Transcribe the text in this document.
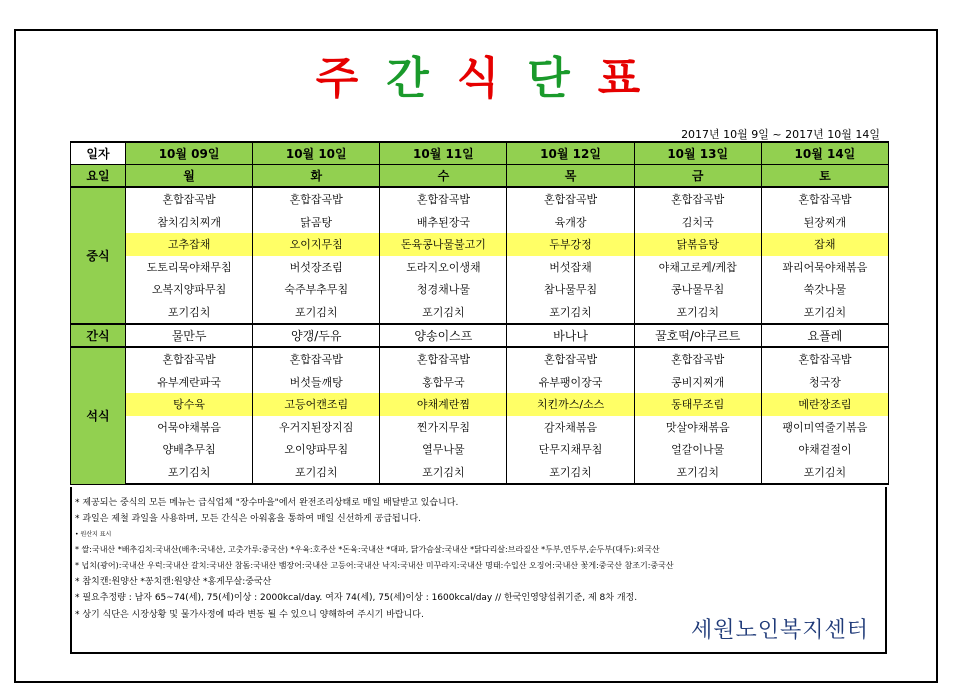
주 간 식 단 표
2017년 10월 9일 ~ 2017년 10월 14일
일자	10월 09일	10월 10일	10월 11일	10월 12일	10월 13일	10월 14일
요일	월	화	수	목	금	토
중식	혼합잡곡밥	혼합잡곡밥	혼합잡곡밥	혼합잡곡밥	혼합잡곡밥	혼합잡곡밥
	참치김치찌개	닭곰탕	배추된장국	육개장	김치국	된장찌개
	고추잡채	오이지무침	돈육콩나물불고기	두부강정	닭볶음탕	잡채
	도토리묵야채무침	버섯장조림	도라지오이생채	버섯잡채	야채고로케/케찹	꽈리어묵야채볶음
	오복지양파무침	숙주부추무침	청경채나물	참나물무침	콩나물무침	쑥갓나물
	포기김치	포기김치	포기김치	포기김치	포기김치	포기김치
간식	물만두	양갱/두유	양송이스프	바나나	꿀호떡/야쿠르트	요플레
석식	혼합잡곡밥	혼합잡곡밥	혼합잡곡밥	혼합잡곡밥	혼합잡곡밥	혼합잡곡밥
	유부계란파국	버섯들깨탕	홍합무국	유부팽이장국	콩비지찌개	청국장
	탕수육	고등어캔조림	야채계란찜	치킨까스/소스	동태무조림	메란장조림
	어묵야채볶음	우거지된장지짐	찐가지무침	감자채볶음	맛살야채볶음	팽이미역줄기볶음
	양배추무침	오이양파무침	열무나물	단무지채무침	얼갈이나물	야채겉절이
	포기김치	포기김치	포기김치	포기김치	포기김치	포기김치
* 제공되는 중식의 모든 메뉴는 급식업체 "장수마을"에서 완전조리상태로 매일 배달받고 있습니다.
* 과일은 제철 과일을 사용하며, 모든 간식은 아워홈을 통하여 매일 신선하게 공급됩니다.
• 원산지 표시
* 쌀:국내산 *배추김치:국내산(배추:국내산, 고춧가루:중국산) *우육:호주산 *돈육:국내산 *대파, 닭가슴살:국내산 *닭다리살:브라질산 *두부,연두부,순두부(대두):외국산
* 넙치(광어):국내산 우럭:국내산 갈치:국내산 참돔:국내산 뱀장어:국내산 고등어:국내산 낙지:국내산 미꾸라지:국내산 명태:수입산 오징어:국내산 꽃게:중국산 참조기:중국산
* 참치캔:원양산 *꽁치캔:원양산 *홍게무살:중국산
* 필요추정량 : 남자 65~74(세), 75(세)이상 : 2000kcal/day. 여자 74(세), 75(세)이상 : 1600kcal/day // 한국인영양섭취기준, 제 8차 개정.
* 상기 식단은 시장상황 및 물가사정에 따라 변동 될 수 있으니 양해하여 주시기 바랍니다.
세원노인복지센터
